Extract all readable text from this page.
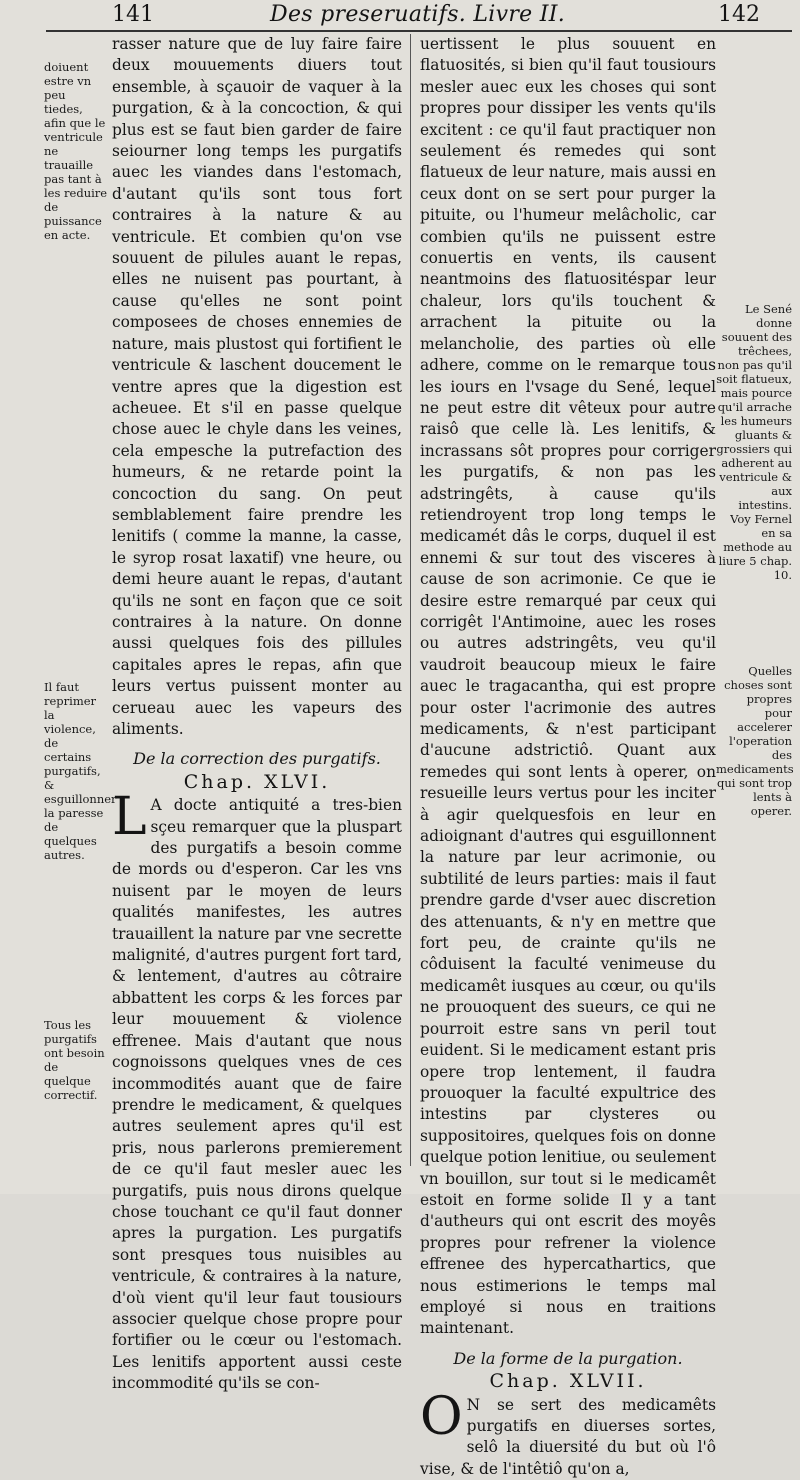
141	Des preseruatifs. Livre II.	142
doiuent estre vn peu tiedes, afin que le ventricule ne trauaille pas tant à les reduire de puissance en acte.
Il faut reprimer la violence, de certains purgatifs, & esguillonner la paresse de quelques autres.
Tous les purgatifs ont besoin de quelque correctif.
Le Sené donne souuent des trêchees, non pas qu'il soit flatueux, mais pource qu'il arrache les humeurs gluants & grossiers qui adherent au ventricule & aux intestins. Voy Fernel en sa methode au liure 5 chap. 10.
Quelles choses sont propres pour accelerer l'operation des medicaments qui sont trop lents à operer.

rasser nature que de luy faire faire deux mouuements diuers tout ensemble, à sçauoir de vaquer à la purgation, & à la concoction, & qui plus est se faut bien garder de faire seiourner long temps les purgatifs auec les viandes dans l'estomach, d'autant qu'ils sont tous fort contraires à la nature & au ventricule. Et combien qu'on vse souuent de pilules auant le repas, elles ne nuisent pas pourtant, à cause qu'elles ne sont point composees de choses ennemies de nature, mais plustost qui fortifient le ventricule & laschent doucement le ventre apres que la digestion est acheuee. Et s'il en passe quelque chose auec le chyle dans les veines, cela empesche la putrefaction des humeurs, & ne retarde point la concoction du sang. On peut semblablement faire prendre les lenitifs ( comme la manne, la casse, le syrop rosat laxatif) vne heure, ou demi heure auant le repas, d'autant qu'ils ne sont en façon que ce soit contraires à la nature. On donne aussi quelques fois des pillules capitales apres le repas, afin que leurs vertus puissent monter au cerueau auec les vapeurs des aliments.

De la correction des purgatifs.
Chap. XLVI.

L A docte antiquité a tres-bien sçeu remarquer que la pluspart des purgatifs a besoin comme de mords ou d'esperon. Car les vns nuisent par le moyen de leurs qualités manifestes, les autres trauaillent la nature par vne secrette malignité, d'autres purgent fort tard, & lentement, d'autres au côtraire abbattent les corps & les forces par leur mouuement & violence effrenee. Mais d'autant que nous cognoissons quelques vnes de ces incommodités auant que de faire prendre le medicament, & quelques autres seulement apres qu'il est pris, nous parlerons premierement de ce qu'il faut mesler auec les purgatifs, puis nous dirons quelque chose touchant ce qu'il faut donner apres la purgation. Les purgatifs sont presques tous nuisibles au ventricule, & contraires à la nature, d'où vient qu'il leur faut tousiours associer quelque chose propre pour fortifier ou le cœur ou l'estomach. Les lenitifs apportent aussi ceste incommodité qu'ils se con-

uertissent le plus souuent en flatuosités, si bien qu'il faut tousiours mesler auec eux les choses qui sont propres pour dissiper les vents qu'ils excitent : ce qu'il faut practiquer non seulement és remedes qui sont flatueux de leur nature, mais aussi en ceux dont on se sert pour purger la pituite, ou l'humeur melâcholic, car combien qu'ils ne puissent estre conuertis en vents, ils causent neantmoins des flatuositéspar leur chaleur, lors qu'ils touchent & arrachent la pituite ou la melancholie, des parties où elle adhere, comme on le remarque tous les iours en l'vsage du Sené, lequel ne peut estre dit vêteux pour autre raisô que celle là. Les lenitifs, & incrassans sôt propres pour corriger les purgatifs, & non pas les adstringêts, à cause qu'ils retiendroyent trop long temps le medicamét dâs le corps, duquel il est ennemi & sur tout des visceres à cause de son acrimonie. Ce que ie desire estre remarqué par ceux qui corrigêt l'Antimoine, auec les roses ou autres adstringêts, veu qu'il vaudroit beaucoup mieux le faire auec le tragacantha, qui est propre pour oster l'acrimonie des autres medicaments, & n'est participant d'aucune adstrictiô. Quant aux remedes qui sont lents à operer, on resueille leurs vertus pour les inciter à agir quelquesfois en leur en adioignant d'autres qui esguillonnent la nature par leur acrimonie, ou subtilité de leurs parties: mais il faut prendre garde d'vser auec discretion des attenuants, & n'y en mettre que fort peu, de crainte qu'ils ne côduisent la faculté venimeuse du medicamêt iusques au cœur, ou qu'ils ne prouoquent des sueurs, ce qui ne pourroit estre sans vn peril tout euident. Si le medicament estant pris opere trop lentement, il faudra prouoquer la faculté expultrice des intestins par clysteres ou suppositoires, quelques fois on donne quelque potion lenitiue, ou seulement vn bouillon, sur tout si le medicamêt estoit en forme solide Il y a tant d'autheurs qui ont escrit des moyês propres pour refrener la violence effrenee des hypercathartics, que nous estimerions le temps mal employé si nous en traitions maintenant.

De la forme de la purgation.
Chap. XLVII.

O N se sert des medicamêts purgatifs en diuerses sortes, selô la diuersité du but où l'ô vise, & de l'intêtiô qu'on a,
